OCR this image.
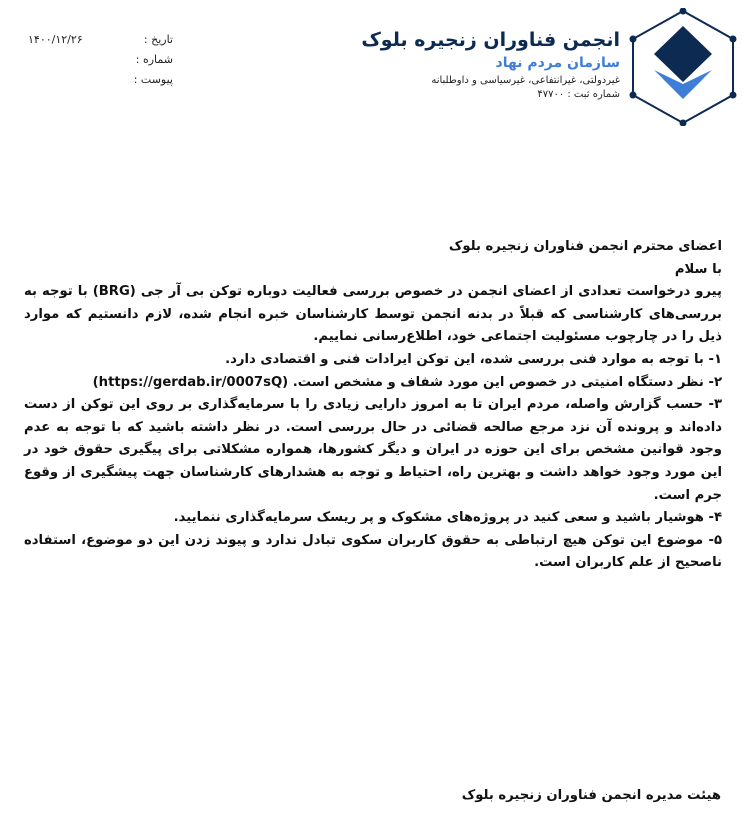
انجمن فناوران زنجیره بلوک
سازمان مردم نهاد
غیردولتی، غیرانتفاعی، غیرسیاسی و داوطلبانه
شماره ثبت : ۴۷۷۰۰
تاریخ :
۱۴۰۰/۱۲/۲۶
شماره :
پیوست :

اعضای محترم انجمن فناوران زنجیره بلوک

با سلام

پیرو درخواست تعدادی از اعضای انجمن در خصوص بررسی فعالیت دوباره توکن بی آر جی (BRG) با توجه به بررسی‌های کارشناسی که قبلاً در بدنه انجمن توسط کارشناسان خبره انجام شده، لازم دانستیم که موارد ذیل را در چارچوب مسئولیت اجتماعی خود، اطلاع‌رسانی نماییم.

۱- با توجه به موارد فنی بررسی شده، این توکن ایرادات فنی و اقتصادی دارد.

۲- نظر دستگاه امنیتی در خصوص این مورد شفاف و مشخص است. (https://gerdab.ir/0007sQ)

۳- حسب گزارش واصله، مردم ایران تا به امروز دارایی زیادی را با سرمایه‌گذاری بر روی این توکن از دست داده‌اند و پرونده آن نزد مرجع صالحه قضائی در حال بررسی است. در نظر داشته باشید که با توجه به عدم وجود قوانین مشخص برای این حوزه در ایران و دیگر کشورها، همواره مشکلاتی برای پیگیری حقوق خود در این مورد وجود خواهد داشت و بهترین راه، احتیاط و توجه به هشدارهای کارشناسان جهت پیشگیری از وقوع جرم است.

۴- هوشیار باشید و سعی کنید در پروژه‌های مشکوک و پر ریسک سرمایه‌گذاری ننمایید.

۵- موضوع این توکن هیچ ارتباطی به حقوق کاربران سکوی تبادل ندارد و پیوند زدن این دو موضوع، استفاده ناصحیح از علم کاربران است.

هیئت مدیره انجمن فناوران زنجیره بلوک
